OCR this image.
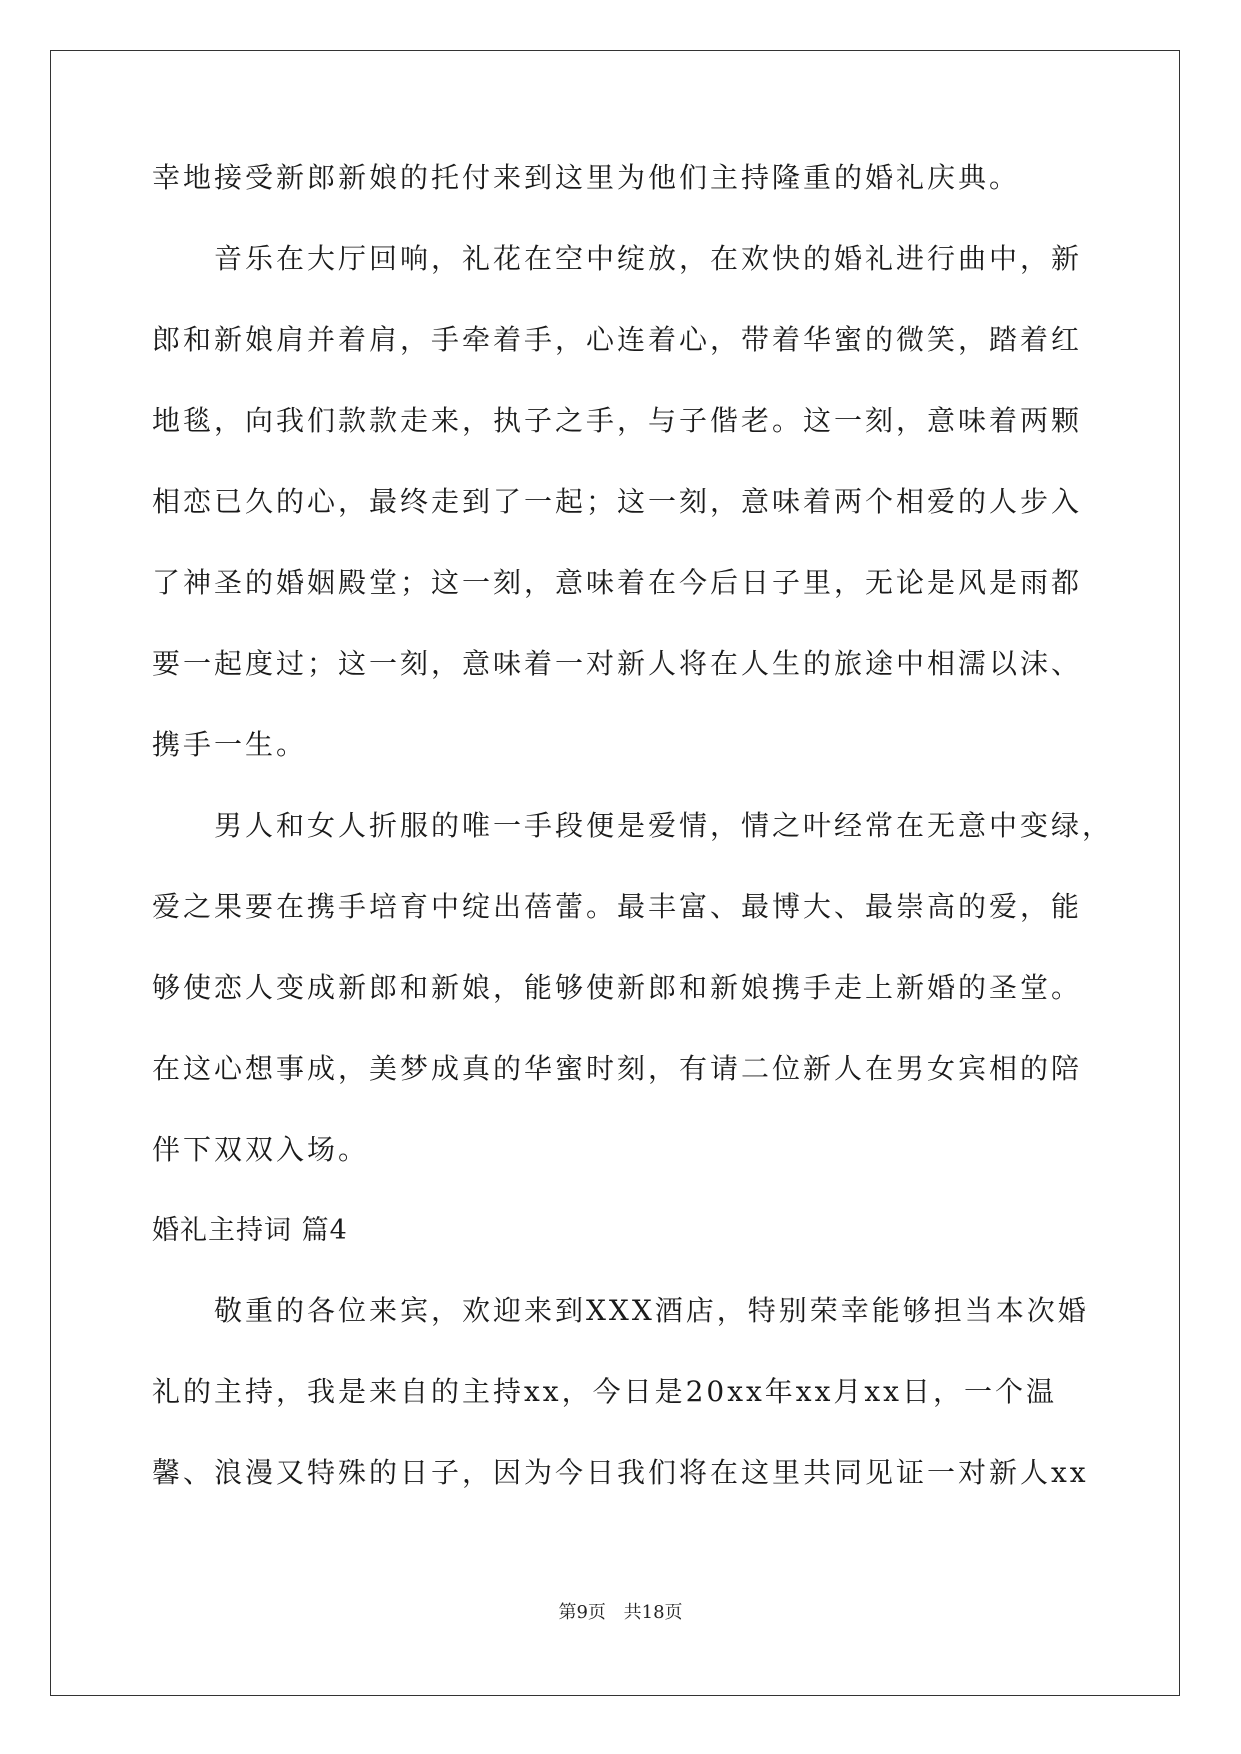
幸地接受新郎新娘的托付来到这里为他们主持隆重的婚礼庆典。
音乐在大厅回响，礼花在空中绽放，在欢快的婚礼进行曲中，新
郎和新娘肩并着肩，手牵着手，心连着心，带着华蜜的微笑，踏着红
地毯，向我们款款走来，执子之手，与子偕老。这一刻，意味着两颗
相恋已久的心，最终走到了一起；这一刻，意味着两个相爱的人步入
了神圣的婚姻殿堂；这一刻，意味着在今后日子里，无论是风是雨都
要一起度过；这一刻，意味着一对新人将在人生的旅途中相濡以沫、
携手一生。
男人和女人折服的唯一手段便是爱情，情之叶经常在无意中变绿，
爱之果要在携手培育中绽出蓓蕾。最丰富、最博大、最崇高的爱，能
够使恋人变成新郎和新娘，能够使新郎和新娘携手走上新婚的圣堂。
在这心想事成，美梦成真的华蜜时刻，有请二位新人在男女宾相的陪
伴下双双入场。
婚礼主持词 篇4
敬重的各位来宾，欢迎来到XXX酒店，特别荣幸能够担当本次婚
礼的主持，我是来自的主持xx，今日是20xx年xx月xx日，一个温
馨、浪漫又特殊的日子，因为今日我们将在这里共同见证一对新人xx
第9页 共18页
